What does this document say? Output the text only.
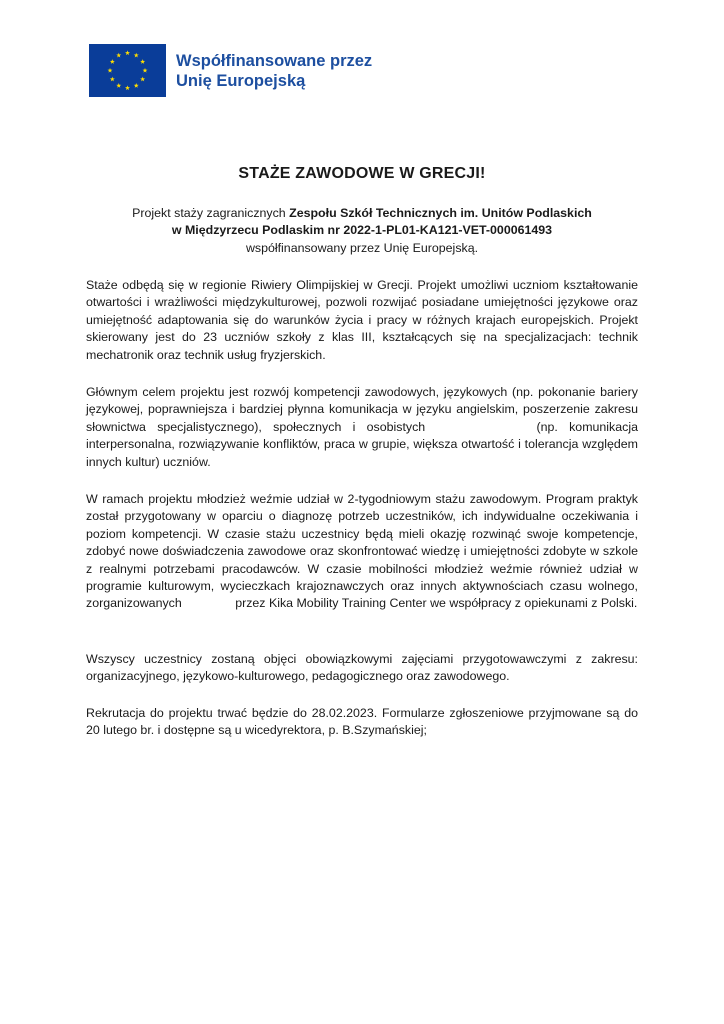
Współfinansowane przez
Unię Europejską
STAŻE ZAWODOWE W GRECJI!
Projekt staży zagranicznych Zespołu Szkół Technicznych im. Unitów Podlaskich
w Międzyrzecu Podlaskim nr 2022-1-PL01-KA121-VET-000061493
współfinansowany przez Unię Europejską.

Staże odbędą się w regionie Riwiery Olimpijskiej w Grecji. Projekt umożliwi uczniom kształtowanie otwartości i wrażliwości międzykulturowej, pozwoli rozwijać posiadane umiejętności językowe oraz umiejętność adaptowania się do warunków życia i pracy w różnych krajach europejskich. Projekt skierowany jest do 23 uczniów szkoły z klas III, kształcących się na specjalizacjach: technik mechatronik oraz technik usług fryzjerskich.

Głównym celem projektu jest rozwój kompetencji zawodowych, językowych (np. pokonanie bariery językowej, poprawniejsza i bardziej płynna komunikacja w języku angielskim, poszerzenie zakresu słownictwa specjalistycznego), społecznych i osobistych	(np. komunikacja interpersonalna, rozwiązywanie konfliktów, praca w grupie, większa otwartość i tolerancja względem innych kultur) uczniów.

W ramach projektu młodzież weźmie udział w 2-tygodniowym stażu zawodowym. Program praktyk został przygotowany w oparciu o diagnozę potrzeb uczestników, ich indywidualne oczekiwania i poziom kompetencji. W czasie stażu uczestnicy będą mieli okazję rozwinąć swoje kompetencje, zdobyć nowe doświadczenia zawodowe oraz skonfrontować wiedzę i umiejętności zdobyte w szkole z realnymi potrzebami pracodawców. W czasie mobilności młodzież weźmie również udział w programie kulturowym, wycieczkach krajoznawczych oraz innych aktywnościach czasu wolnego, zorganizowanych	przez Kika Mobility Training Center we współpracy z opiekunami z Polski.

Wszyscy uczestnicy zostaną objęci obowiązkowymi zajęciami przygotowawczymi z zakresu: organizacyjnego, językowo-kulturowego, pedagogicznego oraz zawodowego.

Rekrutacja do projektu trwać będzie do 28.02.2023. Formularze zgłoszeniowe przyjmowane są do 20 lutego br. i dostępne są u wicedyrektora, p. B.Szymańskiej;
